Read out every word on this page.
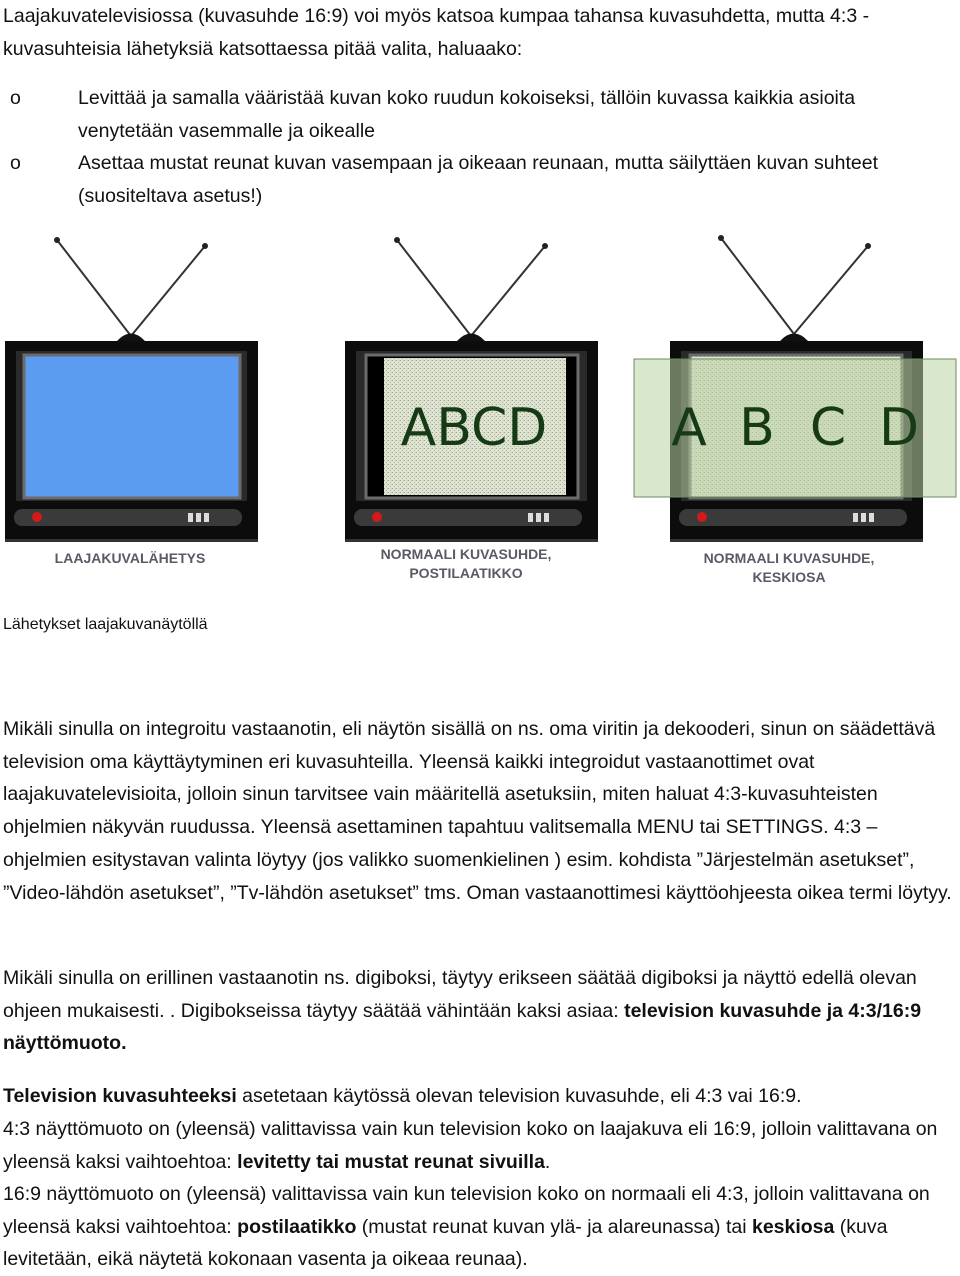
Laajakuvatelevisiossa (kuvasuhde 16:9) voi myös katsoa kumpaa tahansa kuvasuhdetta, mutta 4:3 -kuvasuhteisia lähetyksiä katsottaessa pitää valita, haluaako:

o	Levittää ja samalla vääristää kuvan koko ruudun kokoiseksi, tällöin kuvassa kaikkia asioita venytetään vasemmalle ja oikealle
o	Asettaa mustat reunat kuvan vasempaan ja oikeaan reunaan, mutta säilyttäen kuvan suhteet (suositeltava asetus!)
LAAJAKUVALÄHETYS
ABCD
NORMAALI KUVASUHDE,
POSTILAATIKKO
A B C D
NORMAALI KUVASUHDE,
KESKIOSA
Lähetykset laajakuvanäytöllä

Mikäli sinulla on integroitu vastaanotin, eli näytön sisällä on ns. oma viritin ja dekooderi, sinun on säädettävä television oma käyttäytyminen eri kuvasuhteilla. Yleensä kaikki integroidut vastaanottimet ovat laajakuvatelevisioita, jolloin sinun tarvitsee vain määritellä asetuksiin, miten haluat 4:3-kuvasuhteisten ohjelmien näkyvän ruudussa. Yleensä asettaminen tapahtuu valitsemalla MENU tai SETTINGS. 4:3 –ohjelmien esitystavan valinta löytyy (jos valikko suomenkielinen ) esim. kohdista ”Järjestelmän asetukset”, ”Video-lähdön asetukset”, ”Tv-lähdön asetukset” tms. Oman vastaanottimesi käyttöohjeesta oikea termi löytyy.

Mikäli sinulla on erillinen vastaanotin ns. digiboksi, täytyy erikseen säätää digiboksi ja näyttö edellä olevan ohjeen mukaisesti. . Digibokseissa täytyy säätää vähintään kaksi asiaa: television kuvasuhde ja 4:3/16:9 näyttömuoto.

Television kuvasuhteeksi asetetaan käytössä olevan television kuvasuhde, eli 4:3 vai 16:9.

4:3 näyttömuoto on (yleensä) valittavissa vain kun television koko on laajakuva eli 16:9, jolloin valittavana on yleensä kaksi vaihtoehtoa: levitetty tai mustat reunat sivuilla.

16:9 näyttömuoto on (yleensä) valittavissa vain kun television koko on normaali eli 4:3, jolloin valittavana on yleensä kaksi vaihtoehtoa: postilaatikko (mustat reunat kuvan ylä- ja alareunassa) tai keskiosa (kuva levitetään, eikä näytetä kokonaan vasenta ja oikeaa reunaa).
